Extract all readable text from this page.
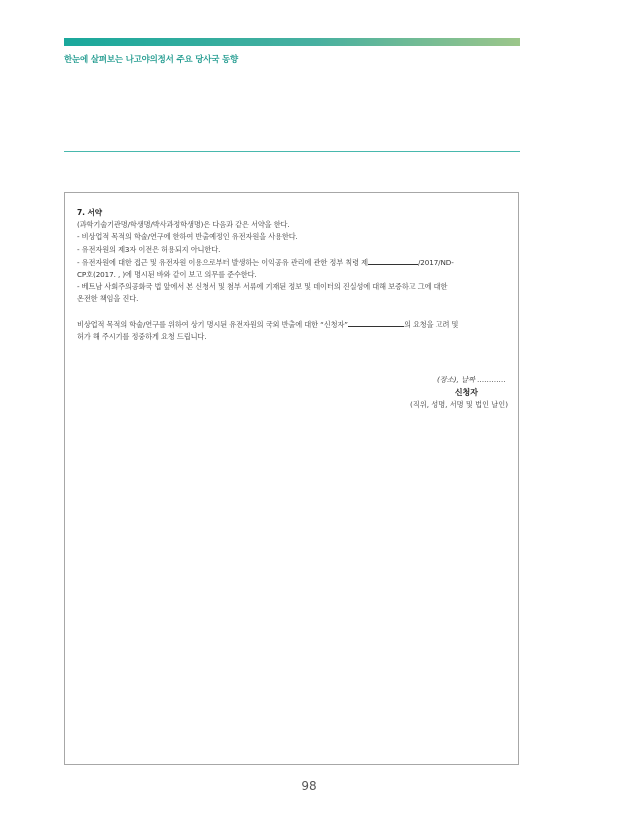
한눈에 살펴보는 나고야의정서 주요 당사국 동향
7. 서약
(과학기술기관명/학생명/박사과정학생명)은 다음과 같은 서약을 한다.
- 비상업적 목적의 학술/연구에 한하여 반출예정인 유전자원을 사용한다.
- 유전자원의 제3자 이전은 허용되지 아니한다.
- 유전자원에 대한 접근 및 유전자원 이용으로부터 발생하는 이익공유 관리에 관한 정부 칙령 제	/2017/ND-
CP호(2017. , )에 명시된 바와 같이 보고 의무를 준수한다.
- 베트남 사회주의공화국 법 앞에서 본 신청서 및 첨부 서류에 기재된 정보 및 데이터의 진실성에 대해 보증하고 그에 대한
온전한 책임을 진다.
비상업적 목적의 학술/연구를 위하여 상기 명시된 유전자원의 국외 반출에 대한 “신청자”	의 요청을 고려 및
허가 해 주시기를 정중하게 요청 드립니다.
(장소), 날짜 …………
신청자
(직위, 성명, 서명 및 법인 날인)
98
